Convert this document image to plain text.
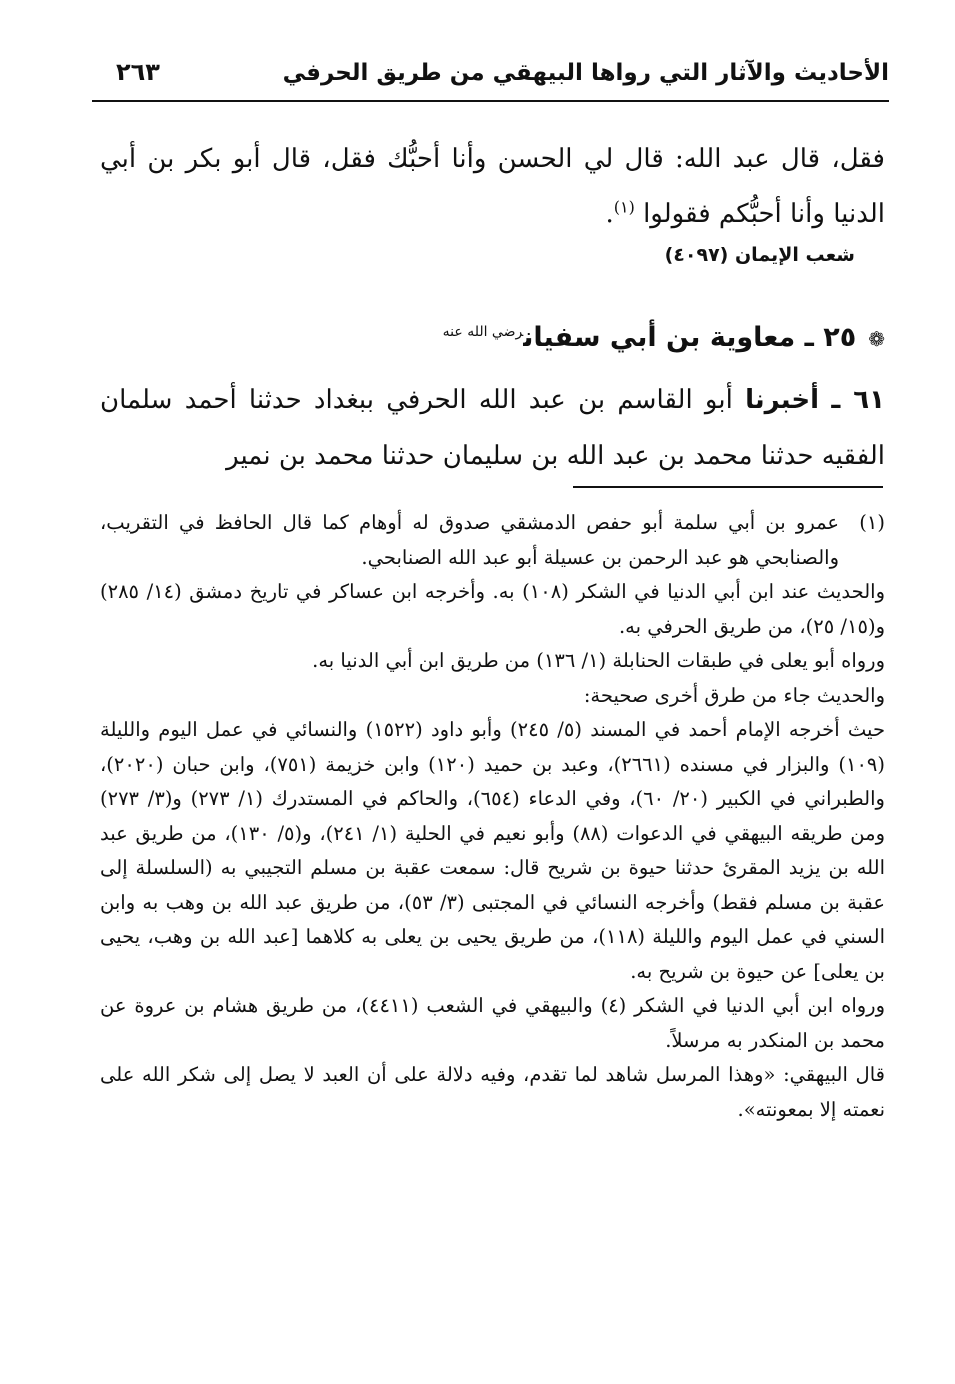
الأحاديث والآثار التي رواها البيهقي من طريق الحرفي
٢٦٣

فقل، قال عبد الله: قال لي الحسن وأنا أحبُّك فقل، قال أبو بكر بن أبي الدنيا وأنا أحبُّكم فقولوا $^{(١)}$.

شعب الإيمان (٤٠٩٧)
❁٢٥ ـ معاوية بن أبي سفيان$^{رضي الله عنه}$

٦١ ـ أخبرنا أبو القاسم بن عبد الله الحرفي ببغداد حدثنا أحمد سلمان الفقيه حدثنا محمد بن عبد الله بن سليمان حدثنا محمد بن نمير

(١)

عمرو بن أبي سلمة أبو حفص الدمشقي صدوق له أوهام كما قال الحافظ في التقريب، والصنابحي هو عبد الرحمن بن عسيلة أبو عبد الله الصنابحي.

والحديث عند ابن أبي الدنيا في الشكر (١٠٨) به. وأخرجه ابن عساكر في تاريخ دمشق (١٤/ ٢٨٥) و(١٥/ ٢٥)، من طريق الحرفي به.

ورواه أبو يعلى في طبقات الحنابلة (١/ ١٣٦) من طريق ابن أبي الدنيا به.

والحديث جاء من طرق أخرى صحيحة:

حيث أخرجه الإمام أحمد في المسند (٥/ ٢٤٥) وأبو داود (١٥٢٢) والنسائي في عمل اليوم والليلة (١٠٩) والبزار في مسنده (٢٦٦١)، وعبد بن حميد (١٢٠) وابن خزيمة (٧٥١)، وابن حبان (٢٠٢٠)، والطبراني في الكبير (٢٠/ ٦٠)، وفي الدعاء (٦٥٤)، والحاكم في المستدرك (١/ ٢٧٣) و(٣/ ٢٧٣) ومن طريقه البيهقي في الدعوات (٨٨) وأبو نعيم في الحلية (١/ ٢٤١)، و(٥/ ١٣٠)، من طريق عبد الله بن يزيد المقرئ حدثنا حيوة بن شريح قال: سمعت عقبة بن مسلم التجيبي به (السلسلة إلى عقبة بن مسلم فقط) وأخرجه النسائي في المجتبى (٣/ ٥٣)، من طريق عبد الله بن وهب به وابن السني في عمل اليوم والليلة (١١٨)، من طريق يحيى بن يعلى به كلاهما [عبد الله بن وهب، يحيى بن يعلى] عن حيوة بن شريح به.

ورواه ابن أبي الدنيا في الشكر (٤) والبيهقي في الشعب (٤٤١١)، من طريق هشام بن عروة عن محمد بن المنكدر به مرسلاً.

قال البيهقي: «وهذا المرسل شاهد لما تقدم، وفيه دلالة على أن العبد لا يصل إلى شكر الله على نعمته إلا بمعونته».
